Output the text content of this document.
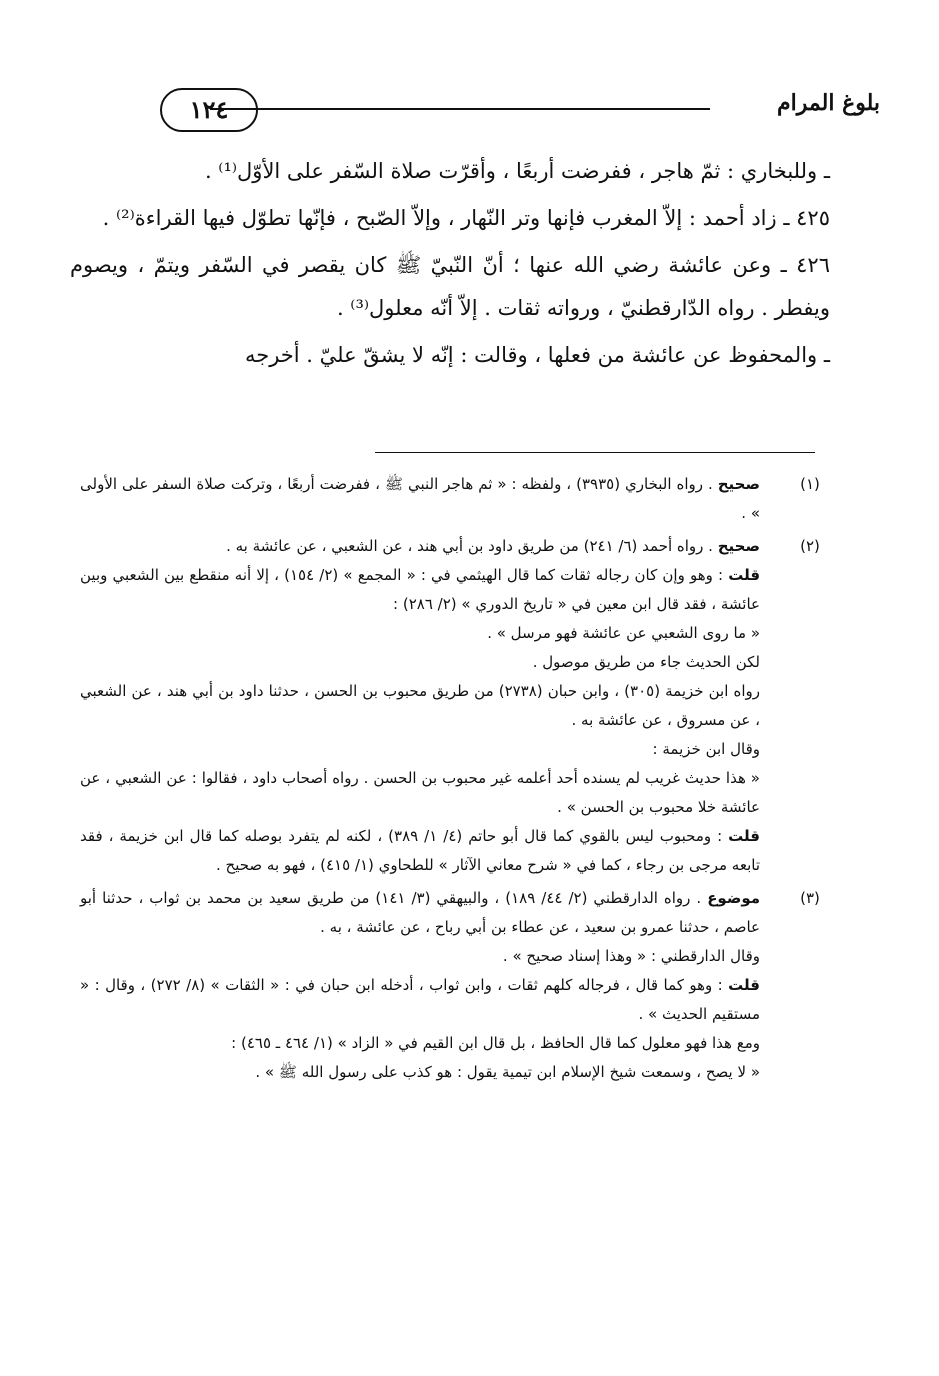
بلوغ المرام
١٢٤

ـ وللبخاري : ثمّ هاجر ، ففرضت أربعًا ، وأقرّت صلاة السّفر على الأوّل⁽¹⁾ .

٤٢٥ ـ زاد أحمد : إلاّ المغرب فإنها وتر النّهار ، وإلاّ الصّبح ، فإنّها تطوّل فيها القراءة⁽²⁾ .

٤٢٦ ـ وعن عائشة رضي الله عنها ؛ أنّ النّبيّ ﷺ كان يقصر في السّفر ويتمّ ، ويصوم ويفطر . رواه الدّارقطنيّ ، ورواته ثقات . إلاّ أنّه معلول⁽³⁾ .

ـ والمحفوظ عن عائشة من فعلها ، وقالت : إنّه لا يشقّ عليّ . أخرجه

(١)
صحيح . رواه البخاري (٣٩٣٥) ، ولفظه : « ثم هاجر النبي ﷺ ، ففرضت أربعًا ، وتركت صلاة السفر على الأولى » .
(٢)
صحيح . رواه أحمد (٦/ ٢٤١) من طريق داود بن أبي هند ، عن الشعبي ، عن عائشة به .
قلت : وهو وإن كان رجاله ثقات كما قال الهيثمي في : « المجمع » (٢/ ١٥٤) ، إلا أنه منقطع بين الشعبي وبين عائشة ، فقد قال ابن معين في « تاريخ الدوري » (٢/ ٢٨٦) :
« ما روى الشعبي عن عائشة فهو مرسل » .
لكن الحديث جاء من طريق موصول .
رواه ابن خزيمة (٣٠٥) ، وابن حبان (٢٧٣٨) من طريق محبوب بن الحسن ، حدثنا داود بن أبي هند ، عن الشعبي ، عن مسروق ، عن عائشة به .
وقال ابن خزيمة :
« هذا حديث غريب لم يسنده أحد أعلمه غير محبوب بن الحسن . رواه أصحاب داود ، فقالوا : عن الشعبي ، عن عائشة خلا محبوب بن الحسن » .
قلت : ومحبوب ليس بالقوي كما قال أبو حاتم (٤/ ١/ ٣٨٩) ، لكنه لم يتفرد بوصله كما قال ابن خزيمة ، فقد تابعه مرجى بن رجاء ، كما في « شرح معاني الآثار » للطحاوي (١/ ٤١٥) ، فهو به صحيح .
(٣)
موضوع . رواه الدارقطني (٢/ ٤٤/ ١٨٩) ، والبيهقي (٣/ ١٤١) من طريق سعيد بن محمد بن ثواب ، حدثنا أبو عاصم ، حدثنا عمرو بن سعيد ، عن عطاء بن أبي رباح ، عن عائشة ، به .
وقال الدارقطني : « وهذا إسناد صحيح » .
قلت : وهو كما قال ، فرجاله كلهم ثقات ، وابن ثواب ، أدخله ابن حبان في : « الثقات » (٨/ ٢٧٢) ، وقال : « مستقيم الحديث » .
ومع هذا فهو معلول كما قال الحافظ ، بل قال ابن القيم في « الزاد » (١/ ٤٦٤ ـ ٤٦٥) :
« لا يصح ، وسمعت شيخ الإسلام ابن تيمية يقول : هو كذب على رسول الله ﷺ » .
